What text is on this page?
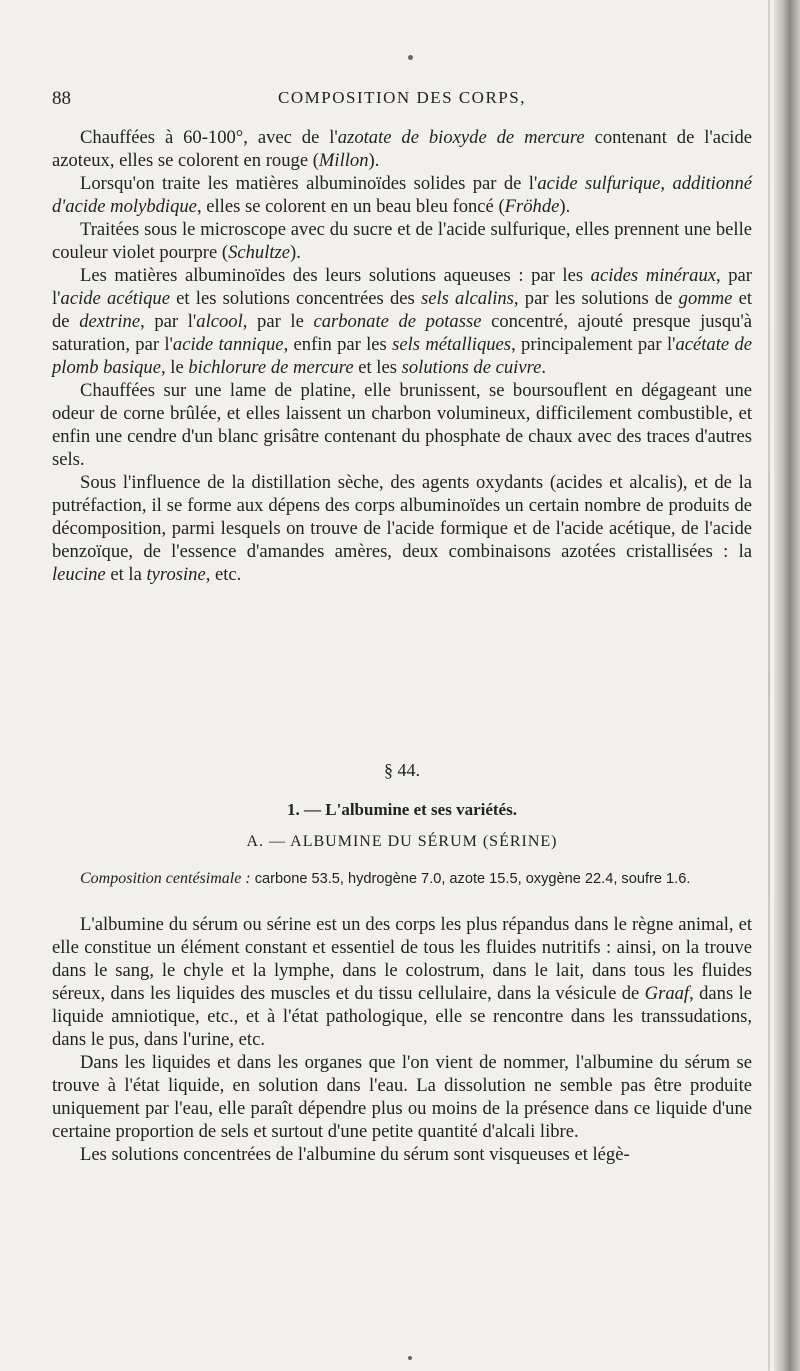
88	COMPOSITION DES CORPS,

Chauffées à 60-100°, avec de l'azotate de bioxyde de mercure contenant de l'acide azoteux, elles se colorent en rouge (Millon).

Lorsqu'on traite les matières albuminoïdes solides par de l'acide sulfurique, additionné d'acide molybdique, elles se colorent en un beau bleu foncé (Fröhde).

Traitées sous le microscope avec du sucre et de l'acide sulfurique, elles prennent une belle couleur violet pourpre (Schultze).

Les matières albuminoïdes des leurs solutions aqueuses : par les acides minéraux, par l'acide acétique et les solutions concentrées des sels alcalins, par les solutions de gomme et de dextrine, par l'alcool, par le carbonate de potasse concentré, ajouté presque jusqu'à saturation, par l'acide tannique, enfin par les sels métalliques, principalement par l'acétate de plomb basique, le bichlorure de mercure et les solutions de cuivre.

Chauffées sur une lame de platine, elle brunissent, se boursouflent en dégageant une odeur de corne brûlée, et elles laissent un charbon volumineux, difficilement combustible, et enfin une cendre d'un blanc grisâtre contenant du phosphate de chaux avec des traces d'autres sels.

Sous l'influence de la distillation sèche, des agents oxydants (acides et alcalis), et de la putréfaction, il se forme aux dépens des corps albuminoïdes un certain nombre de produits de décomposition, parmi lesquels on trouve de l'acide formique et de l'acide acétique, de l'acide benzoïque, de l'essence d'amandes amères, deux combinaisons azotées cristallisées : la leucine et la tyrosine, etc.

§ 44.
1. — L'albumine et ses variétés.
A. — ALBUMINE DU SÉRUM (SÉRINE)
Composition centésimale : carbone 53.5, hydrogène 7.0, azote 15.5, oxygène 22.4, soufre 1.6.

L'albumine du sérum ou sérine est un des corps les plus répandus dans le règne animal, et elle constitue un élément constant et essentiel de tous les fluides nutritifs : ainsi, on la trouve dans le sang, le chyle et la lymphe, dans le colostrum, dans le lait, dans tous les fluides séreux, dans les liquides des muscles et du tissu cellulaire, dans la vésicule de Graaf, dans le liquide amniotique, etc., et à l'état pathologique, elle se rencontre dans les transsudations, dans le pus, dans l'urine, etc.

Dans les liquides et dans les organes que l'on vient de nommer, l'albumine du sérum se trouve à l'état liquide, en solution dans l'eau. La dissolution ne semble pas être produite uniquement par l'eau, elle paraît dépendre plus ou moins de la présence dans ce liquide d'une certaine proportion de sels et surtout d'une petite quantité d'alcali libre.

Les solutions concentrées de l'albumine du sérum sont visqueuses et légè-
